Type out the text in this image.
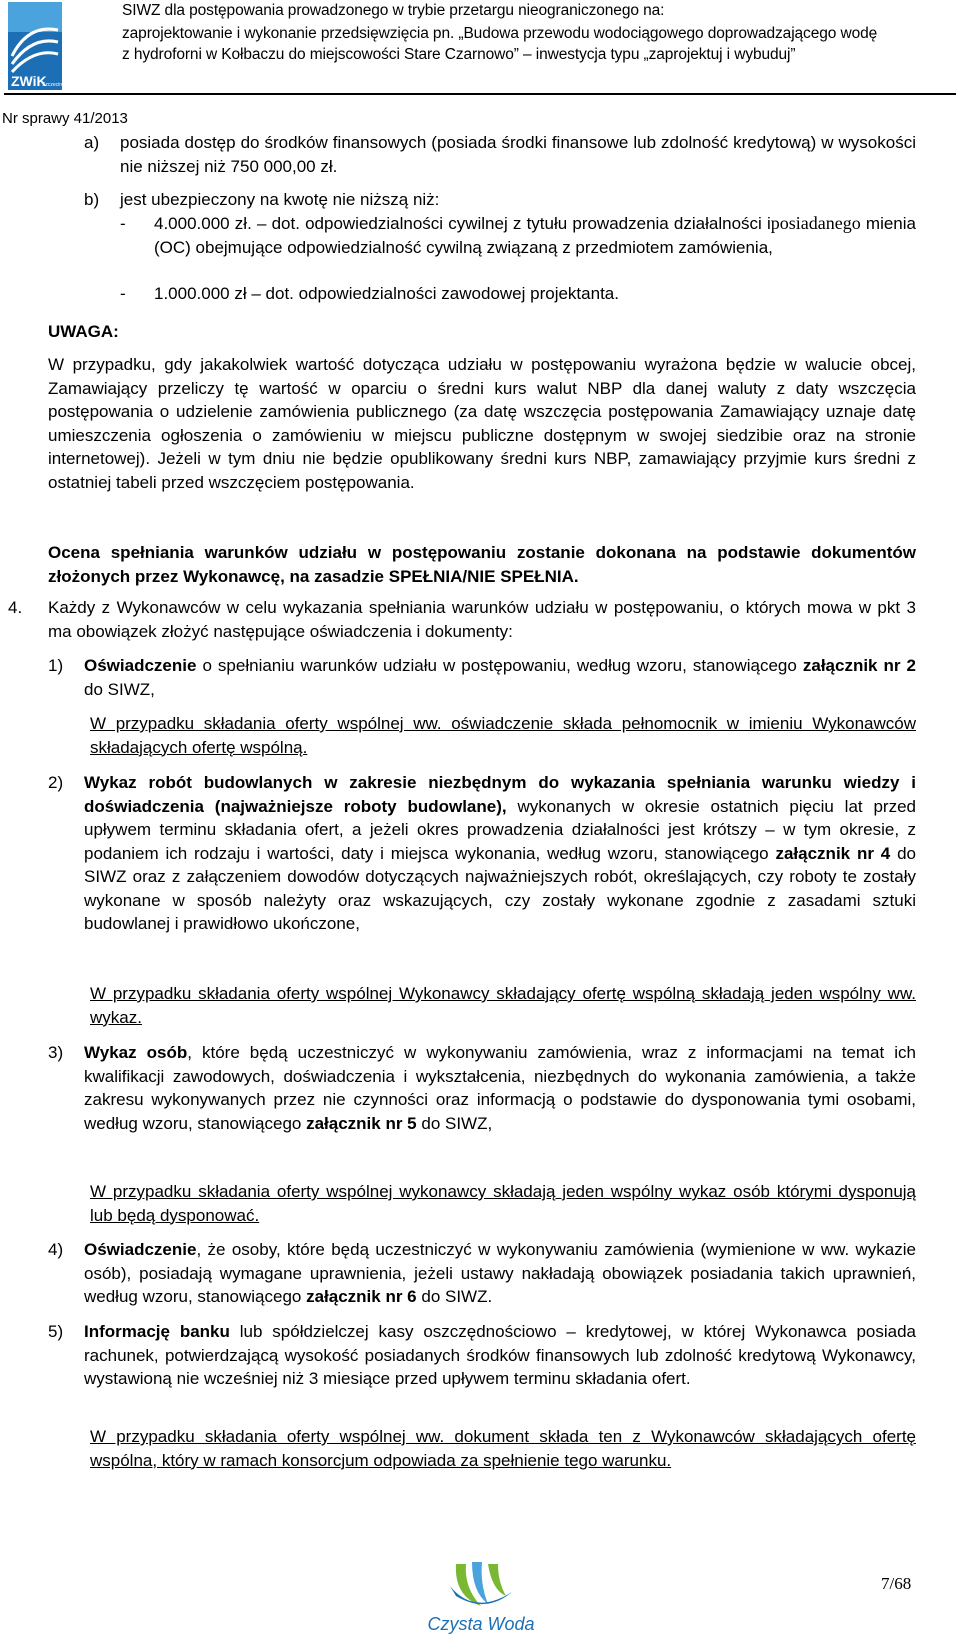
ZWiK
Szczecin
SIWZ dla postępowania prowadzonego w trybie przetargu nieograniczonego na:
zaprojektowanie i wykonanie przedsięwzięcia pn. „Budowa przewodu wodociągowego doprowadzającego wodę
z hydroforni w Kołbaczu do miejscowości Stare Czarnowo” – inwestycja typu „zaprojektuj i wybuduj”
Nr sprawy 41/2013
a) posiada dostęp do środków finansowych (posiada środki finansowe lub zdolność kredytową) w wysokości nie niższej niż 750 000,00 zł.
b) jest ubezpieczony na kwotę nie niższą niż:
- 4.000.000 zł. – dot. odpowiedzialności cywilnej z tytułu prowadzenia działalności iposiadanego mienia (OC) obejmujące odpowiedzialność cywilną związaną z przedmiotem zamówienia,
- 1.000.000 zł – dot. odpowiedzialności zawodowej projektanta.
UWAGA:
W przypadku, gdy jakakolwiek wartość dotycząca udziału w postępowaniu wyrażona będzie w walucie obcej, Zamawiający przeliczy tę wartość w oparciu o średni kurs walut NBP dla danej waluty z daty wszczęcia postępowania o udzielenie zamówienia publicznego (za datę wszczęcia postępowania Zamawiający uznaje datę umieszczenia ogłoszenia o zamówieniu w miejscu publiczne dostępnym w swojej siedzibie oraz na stronie internetowej). Jeżeli w tym dniu nie będzie opublikowany średni kurs NBP, zamawiający przyjmie kurs średni z ostatniej tabeli przed wszczęciem postępowania.
Ocena spełniania warunków udziału w postępowaniu zostanie dokonana na podstawie dokumentów złożonych przez Wykonawcę, na zasadzie SPEŁNIA/NIE SPEŁNIA.
4. Każdy z Wykonawców w celu wykazania spełniania warunków udziału w postępowaniu, o których mowa w pkt 3 ma obowiązek złożyć następujące oświadczenia i dokumenty:
1) Oświadczenie o spełnianiu warunków udziału w postępowaniu, według wzoru, stanowiącego załącznik nr 2 do SIWZ,
W przypadku składania oferty wspólnej ww. oświadczenie składa pełnomocnik w imieniu Wykonawców składających ofertę wspólną.
2) Wykaz robót budowlanych w zakresie niezbędnym do wykazania spełniania warunku wiedzy i doświadczenia (najważniejsze roboty budowlane), wykonanych w okresie ostatnich pięciu lat przed upływem terminu składania ofert, a jeżeli okres prowadzenia działalności jest krótszy – w tym okresie, z podaniem ich rodzaju i wartości, daty i miejsca wykonania, według wzoru, stanowiącego załącznik nr 4 do SIWZ oraz z załączeniem dowodów dotyczących najważniejszych robót, określających, czy roboty te zostały wykonane w sposób należyty oraz wskazujących, czy zostały wykonane zgodnie z zasadami sztuki budowlanej i prawidłowo ukończone,
W przypadku składania oferty wspólnej Wykonawcy składający ofertę wspólną składają jeden wspólny ww. wykaz.
3) Wykaz osób, które będą uczestniczyć w wykonywaniu zamówienia, wraz z informacjami na temat ich kwalifikacji zawodowych, doświadczenia i wykształcenia, niezbędnych do wykonania zamówienia, a także zakresu wykonywanych przez nie czynności oraz informacją o podstawie do dysponowania tymi osobami, według wzoru, stanowiącego załącznik nr 5 do SIWZ,
W przypadku składania oferty wspólnej wykonawcy składają jeden wspólny wykaz osób którymi dysponują lub będą dysponować.
4) Oświadczenie, że osoby, które będą uczestniczyć w wykonywaniu zamówienia (wymienione w ww. wykazie osób), posiadają wymagane uprawnienia, jeżeli ustawy nakładają obowiązek posiadania takich uprawnień, według wzoru, stanowiącego załącznik nr 6 do SIWZ.
5) Informację banku lub spółdzielczej kasy oszczędnościowo – kredytowej, w której Wykonawca posiada rachunek, potwierdzającą wysokość posiadanych środków finansowych lub zdolność kredytową Wykonawcy, wystawioną nie wcześniej niż 3 miesiące przed upływem terminu składania ofert.
W przypadku składania oferty wspólnej ww. dokument składa ten z Wykonawców składających ofertę wspólna, który w ramach konsorcjum odpowiada za spełnienie tego warunku.
Czysta Woda
7/68
